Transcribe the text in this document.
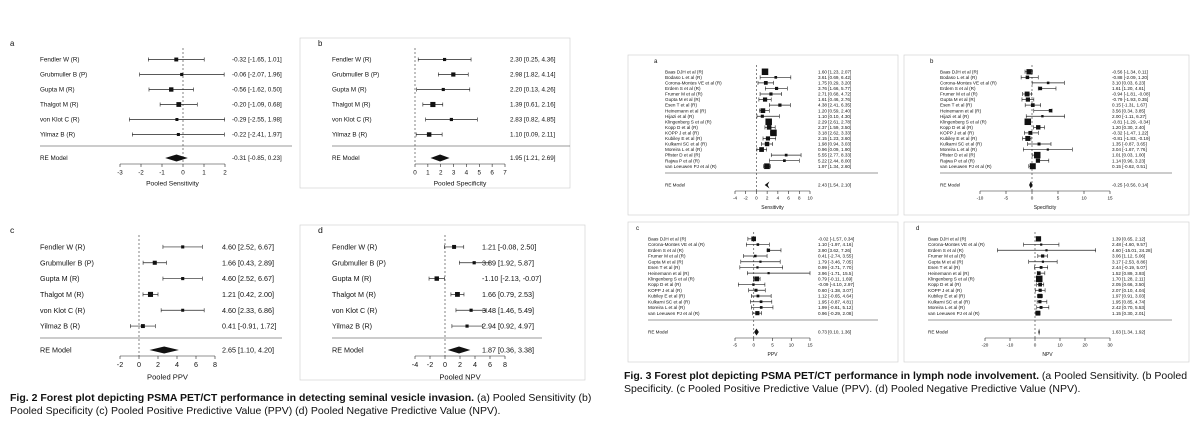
a
Fendler W (R)	-0.32 [-1.65, 1.01]
Grubmuller B (P)	-0.06 [-2.07, 1.96]
Gupta M (R)	-0.56 [-1.62, 0.50]
Thalgot M (R)	-0.20 [-1.09, 0.68]
von Klot C (R)	-0.29 [-2.55, 1.98]
Yilmaz B (R)	-0.22 [-2.41, 1.97]
RE Model	-0.31 [-0.85, 0.23]
-3 -2 -1	0	1	2
Pooled Sensitivity
b
Fendler W (R)	2.30 [0.25, 4.36]
Grubmuller B (P)	2.98 [1.82, 4.14]
Gupta M (R)	2.20 [0.13, 4.26]
Thalgot M (R)	1.39 [0.61, 2.16]
von Klot C (R)	2.83 [0.82, 4.85]
Yilmaz B (R)	1.10 [0.09, 2.11]
RE Model	1.95 [1.21, 2.69]
0 1 2 3 4 5 6 7
Pooled Specificity
c
Fendler W (R)	4.60 [2.52, 6.67]
Grubmuller B (P)	1.66 [0.43, 2.89]
Gupta M (R)	4.60 [2.52, 6.67]
Thalgot M (R)	1.21 [0.42, 2.00]
von Klot C (R)	4.60 [2.33, 6.86]
Yilmaz B (R)	0.41 [-0.91, 1.72]
RE Model	2.65 [1.10, 4.20]
-2 0 2 4 6 8
Pooled PPV
d
Fendler W (R)	1.21 [-0.08, 2.50]
Grubmuller B (P)	3.89 [1.92, 5.87]
Gupta M (R)	-1.10 [-2.13, -0.07]
Thalgot M (R)	1.66 [0.79, 2.53]
von Klot C (R)	3.48 [1.46, 5.49]
Yilmaz B (R)	2.94 [0.92, 4.97]
RE Model	1.87 [0.36, 3.38]
-4 -2 0 2 4 6 8
Pooled NPV
a
Baas DJH et al (R)	1.60 [1.23, 2.07]
Bodaso L et al (R)	3.61 [0.69, 6.42]
Corona-Montes VE et al (R)	1.75 [0.29, 3.20]
Erdem S et al (R)	3.76 [1.66, 5.77]
Frumer M et al (R)	2.71 [0.68, 4.72]
Gupta M et al (R)	1.61 [0.46, 2.76]
Esen T et al (R)	4.38 [2.41, 6.35]
Heinemann et al (R)	1.20 [0.59, 2.40]
Hijazi et al (R)	1.10 [0.10, 4.30]
Klingenberg S et al (R)	2.29 [2.61, 2.78]
Kopp D et al (R)	2.37 [1.59, 3.50]
KOPP J et al (R)	3.18 [2.62, 3.33]
Kubiley E et al (R)	2.15 [1.23, 3.60]
Kulkarni SC et al (R)	1.98 [0.94, 3.03]
Moreira L et al (R)	0.96 [0.09, 1.90]
Pfister D et al (R)	5.55 [2.77, 8.33]
Rajwa P et al (R)	5.22 [2.44, 8.00]
van Leeuwen PJ et al (R)	1.97 [1.34, 2.60]
RE Model	2.43 [1.54, 2.10]
-4 -2 0 2 4 6 8 10
Sensitivity
b
Baas DJH et al (R)	-0.56 [-1.34, 0.11]
Bodaso L et al (R)	-0.88 [-2.09, 1.20]
Corona-Montes VE et al (R)	3.10 [0.03, 6.23]
Erdem S et al (R)	1.61 [1.20, 4.61]
Frumer M et al (R)	-0.94 [-1.81, -0.08]
Gupta M et al (R)	-0.79 [-1.93, 0.35]
Esen T et al (R)	0.15 [-1.31, 1.67]
Heinemann et al (R)	3.56 [0.34, 3.85]
Hijazi et al (R)	2.00 [-1.11, 6.27]
Klingenberg S et al (R)	-0.81 [-1.29, -0.34]
Kopp D et al (R)	1.20 [0.30, 2.40]
KOPP J et al (R)	-0.32 [-1.47, 1.22]
Kubiley E et al (R)	-0.81 [-1.83, -0.19]
Kulkarni SC et al (R)	1.35 [-0.87, 3.65]
Moreira L et al (R)	3.04 [-1.67, 7.76]
Pfister D et al (R)	1.01 [0.03, 1.00]
Rajwa P et al (R)	1.14 [0.96, 3.23]
van Leeuwen PJ et al (R)	0.15 [-0.62, 0.51]
RE Model	-0.25 [-0.56, 0.14]
-10	-5	0	5	10	15
Specificity
c
Baas DJH et al (R)	-0.02 [-1.57, 0.34]
Corona-Montes VE et al (R)	1.10 [-1.97, 4.16]
Erdem S et al (R)	3.90 [3.62, 7.26]
Frumer M et al (R)	0.41 [-2.74, 3.55]
Gupta M et al (R)	1.79 [-3.46, 7.05]
Esen T et al (R)	0.99 [-3.71, 7.70]
Heinemann et al (R)	3.96 [-1.71, 15.5]
Klingenberg S et al (R)	0.79 [-0.11, 1.69]
Kopp D et al (R)	-0.09 [-4.10, 2.97]
KOPP J et al (R)	0.60 [-1.38, 3.07]
Kubiley E et al (R)	1.12 [-0.65, 4.64]
Kulkarni SC et al (R)	1.95 [-0.87, 4.81]
Moreira L et al (R)	1.99 [-0.61, 5.12]
van Leeuwen PJ et al (R)	0.96 [-0.29, 2.08]
RE Model	0.73 [0.10, 1.36]
-5	0	5	10	15
PPV
d
Baas DJH et al (R)	1.39 [0.65, 2.12]
Corona-Montes VE et al (R)	2.48 [-4.60, 9.57]
Erdem S et al (R)	4.60 [-15.01, 24.28]
Frumer M et al (R)	3.06 [1.12, 5.06]
Gupta M et al (R)	3.17 [-2.53, 8.86]
Esen T et al (R)	2.44 [-0.19, 5.07]
Heinemann et al (R)	1.52 [0.89, 3.93]
Klingenberg S et al (R)	1.70 [1.28, 2.11]
Kopp D et al (R)	2.05 [0.66, 3.50]
KOPP J et al (R)	2.07 [0.10, 4.04]
Kubiley E et al (R)	1.97 [0.91, 3.03]
Kulkarni SC et al (R)	1.95 [0.85, 4.74]
Moreira L et al (R)	2.42 [0.70, 5.53]
van Leeuwen PJ et al (R)	1.15 [0.30, 2.01]
RE Model	1.63 [1.34, 1.92]
-20	-10	0	10	20	30
NPV
Fig. 2 Forest plot depicting PSMA PET/CT performance in detecting seminal vesicle invasion. (a) Pooled Sensitivity (b) Pooled Specificity (c) Pooled Positive Predictive Value (PPV) (d) Pooled Negative Predictive Value (NPV).
Fig. 3 Forest plot depicting PSMA PET/CT performance in lymph node involvement. (a Pooled Sensitivity. (b Pooled Specificity. (c Pooled Positive Predictive Value (PPV). (d) Pooled Negative Predictive Value (NPV).
